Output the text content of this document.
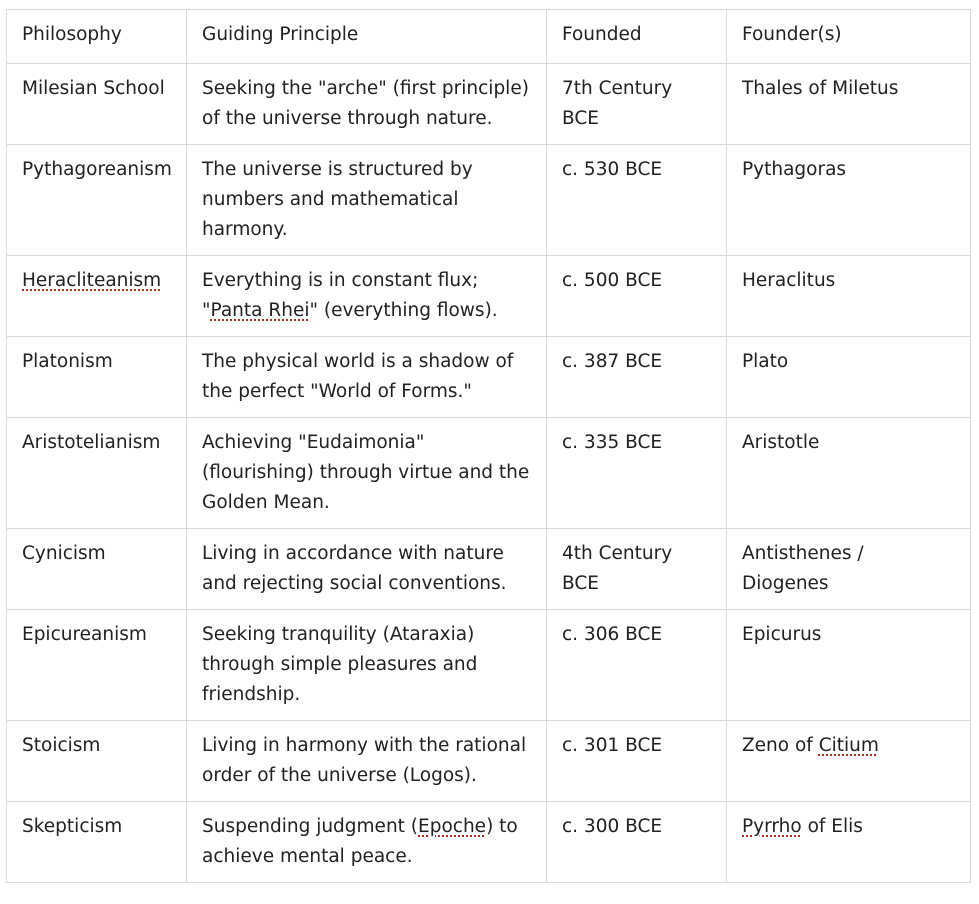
Philosophy	Guiding Principle	Founded	Founder(s)
Milesian School	Seeking the "arche" (first principle) of the universe through nature.	7th Century BCE	Thales of Miletus
Pythagoreanism	The universe is structured by numbers and mathematical harmony.	c. 530 BCE	Pythagoras
Heracliteanism	Everything is in constant flux; "Panta Rhei" (everything flows).	c. 500 BCE	Heraclitus
Platonism	The physical world is a shadow of the perfect "World of Forms."	c. 387 BCE	Plato
Aristotelianism	Achieving "Eudaimonia" (flourishing) through virtue and the Golden Mean.	c. 335 BCE	Aristotle
Cynicism	Living in accordance with nature and rejecting social conventions.	4th Century BCE	Antisthenes / Diogenes
Epicureanism	Seeking tranquility (Ataraxia) through simple pleasures and friendship.	c. 306 BCE	Epicurus
Stoicism	Living in harmony with the rational order of the universe (Logos).	c. 301 BCE	Zeno of Citium
Skepticism	Suspending judgment (Epoche) to achieve mental peace.	c. 300 BCE	Pyrrho of Elis
